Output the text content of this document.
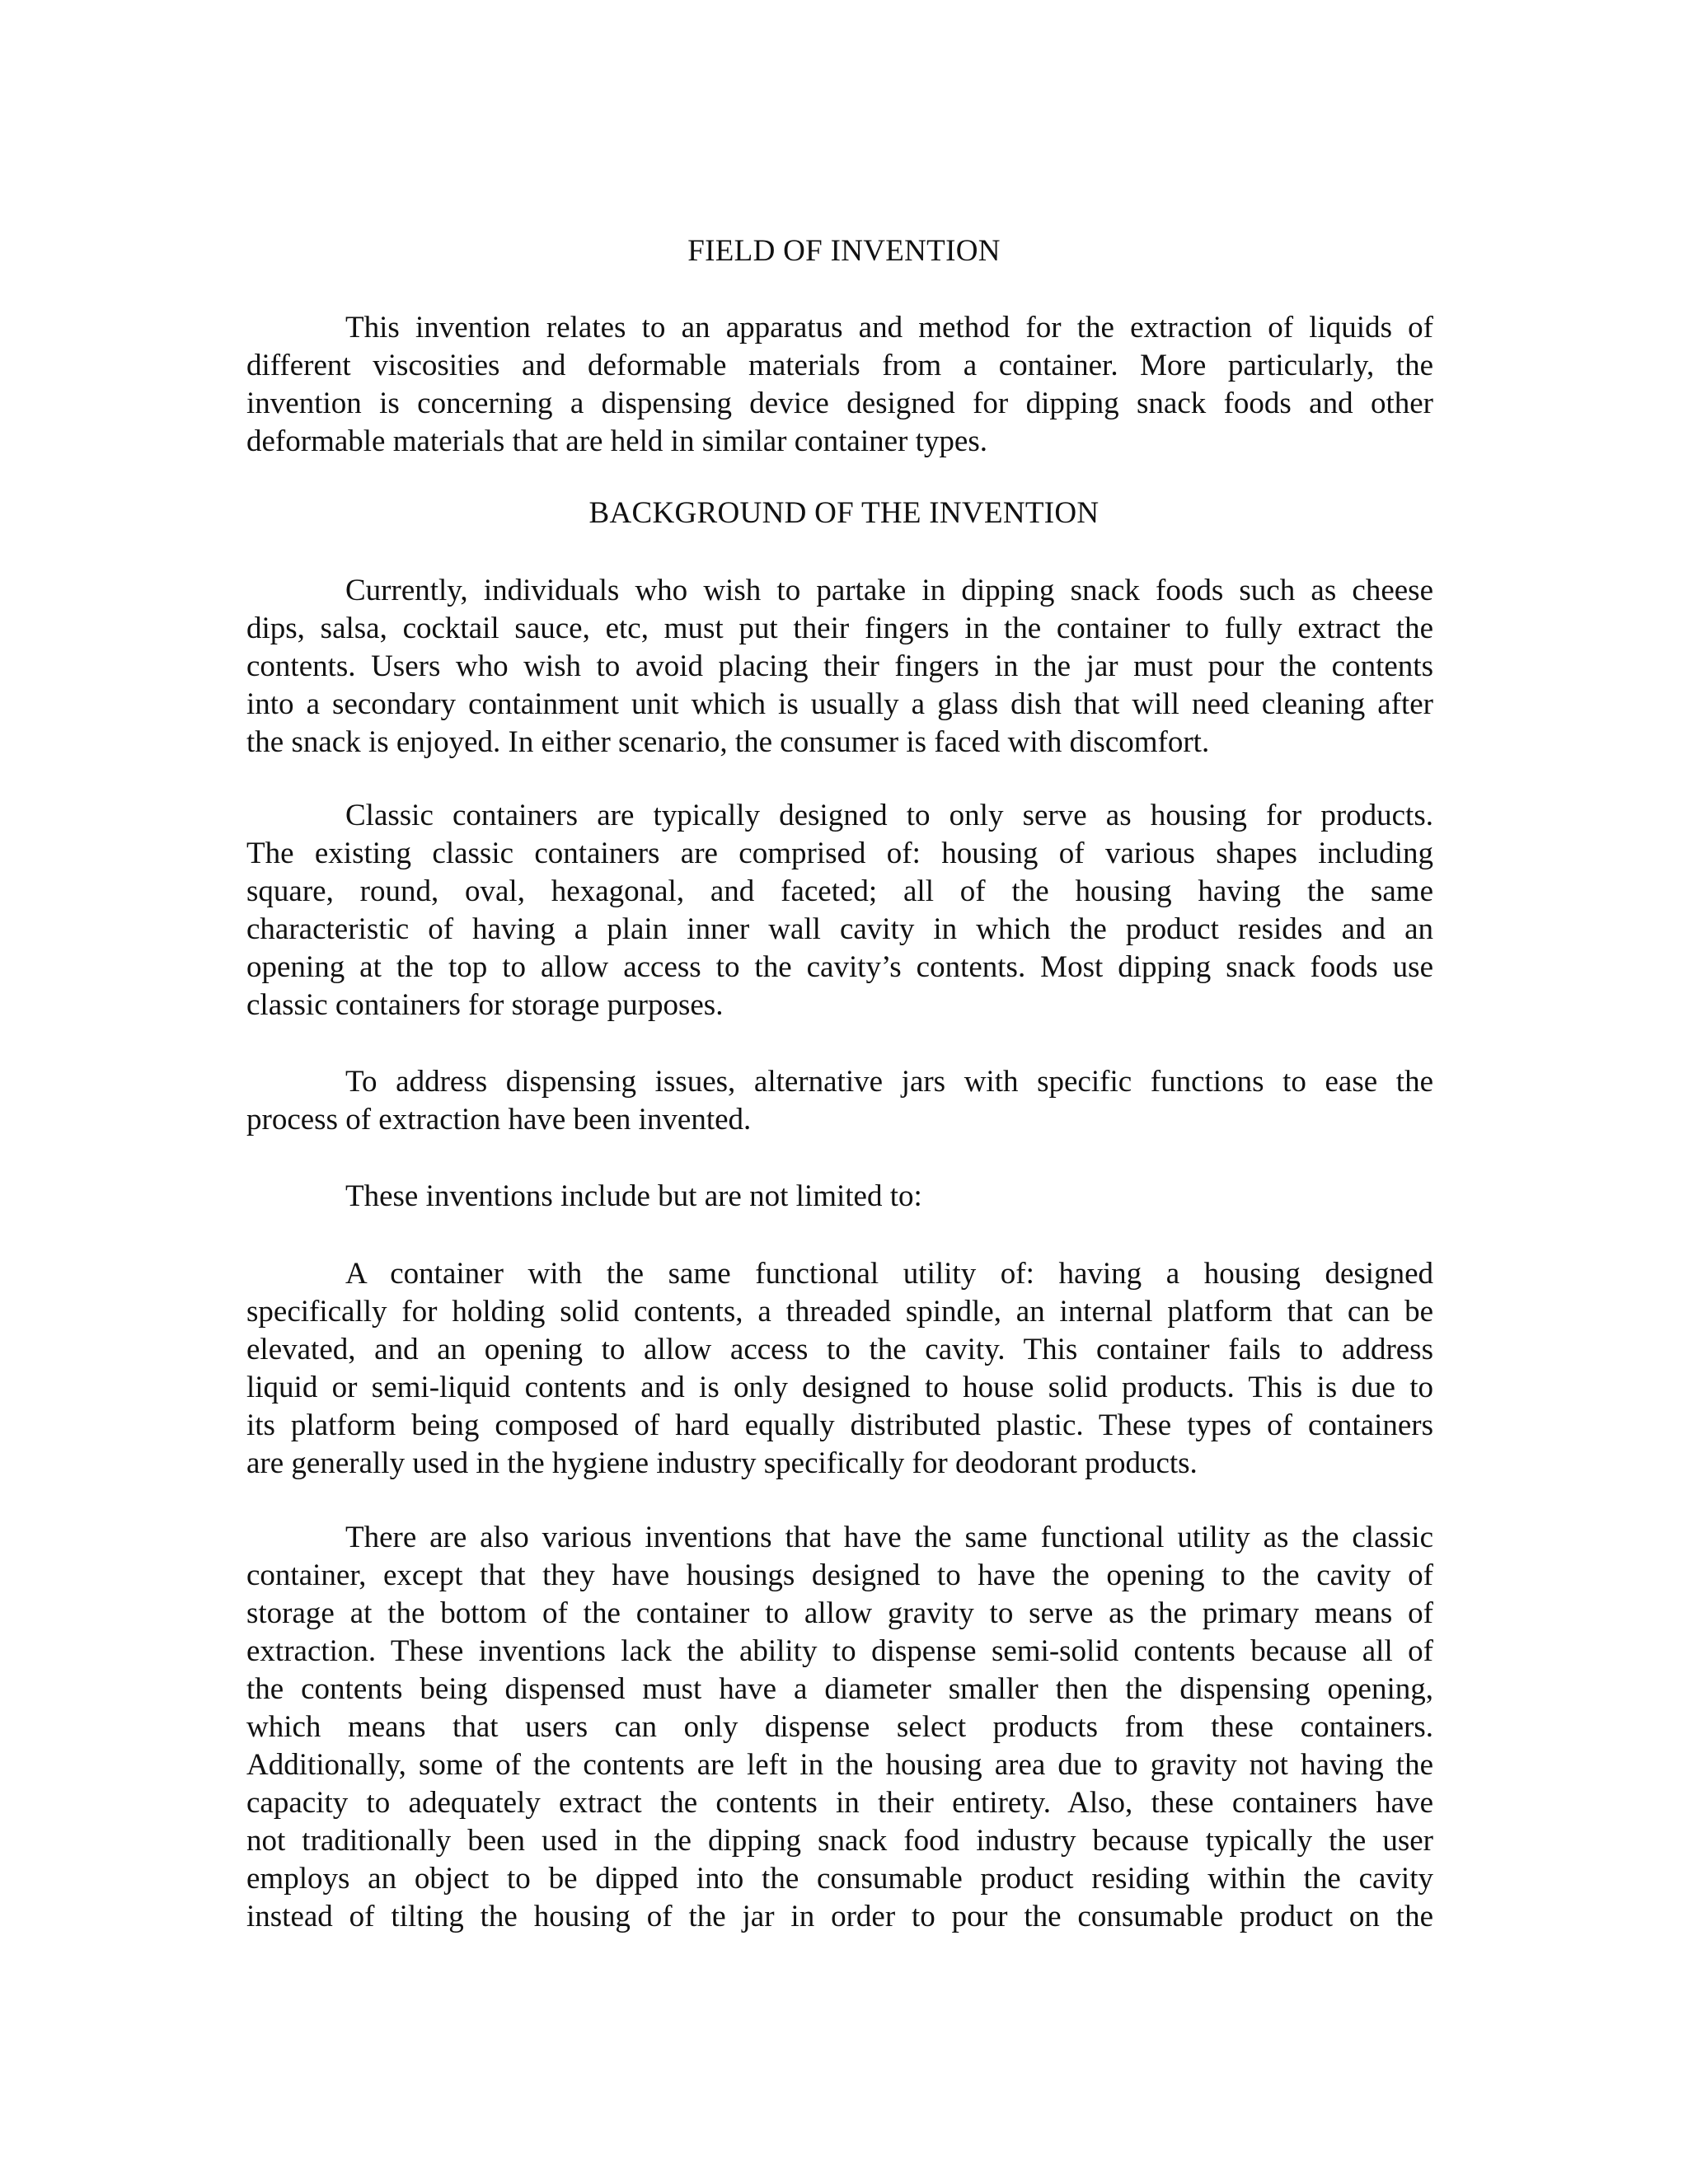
FIELD OF INVENTION
This invention relates to an apparatus and method for the extraction of liquids of
different viscosities and deformable materials from a container. More particularly, the
invention is concerning a dispensing device designed for dipping snack foods and other
deformable materials that are held in similar container types.
BACKGROUND OF THE INVENTION
Currently, individuals who wish to partake in dipping snack foods such as cheese
dips, salsa, cocktail sauce, etc, must put their fingers in the container to fully extract the
contents. Users who wish to avoid placing their fingers in the jar must pour the contents
into a secondary containment unit which is usually a glass dish that will need cleaning after
the snack is enjoyed. In either scenario, the consumer is faced with discomfort.
Classic containers are typically designed to only serve as housing for products.
The existing classic containers are comprised of: housing of various shapes including
square, round, oval, hexagonal, and faceted; all of the housing having the same
characteristic of having a plain inner wall cavity in which the product resides and an
opening at the top to allow access to the cavity’s contents. Most dipping snack foods use
classic containers for storage purposes.
To address dispensing issues, alternative jars with specific functions to ease the
process of extraction have been invented.
These inventions include but are not limited to:
A container with the same functional utility of: having a housing designed
specifically for holding solid contents, a threaded spindle, an internal platform that can be
elevated, and an opening to allow access to the cavity. This container fails to address
liquid or semi-liquid contents and is only designed to house solid products. This is due to
its platform being composed of hard equally distributed plastic. These types of containers
are generally used in the hygiene industry specifically for deodorant products.
There are also various inventions that have the same functional utility as the classic
container, except that they have housings designed to have the opening to the cavity of
storage at the bottom of the container to allow gravity to serve as the primary means of
extraction. These inventions lack the ability to dispense semi-solid contents because all of
the contents being dispensed must have a diameter smaller then the dispensing opening,
which means that users can only dispense select products from these containers.
Additionally, some of the contents are left in the housing area due to gravity not having the
capacity to adequately extract the contents in their entirety. Also, these containers have
not traditionally been used in the dipping snack food industry because typically the user
employs an object to be dipped into the consumable product residing within the cavity
instead of tilting the housing of the jar in order to pour the consumable product on the
